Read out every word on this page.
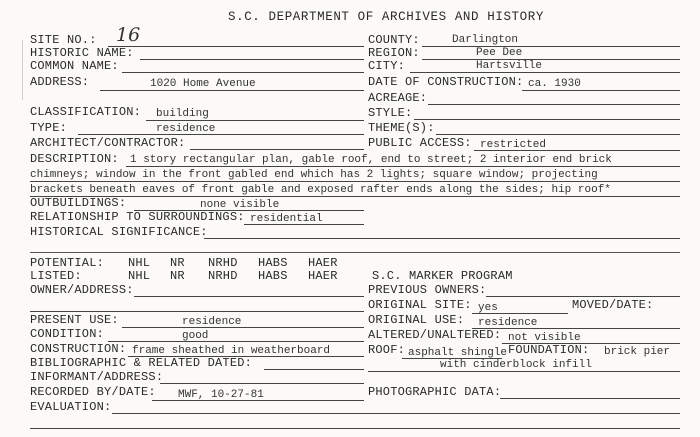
S.C. DEPARTMENT OF ARCHIVES AND HISTORY
SITE NO.: 16	COUNTY:	Darlington
HISTORIC NAME:	REGION:	Pee Dee
COMMON NAME:	CITY:	Hartsville
ADDRESS:	1020 Home Avenue	DATE OF CONSTRUCTION: ca. 1930
ACREAGE:
CLASSIFICATION: building	STYLE:
TYPE:	residence	THEME(S):
ARCHITECT/CONTRACTOR:	PUBLIC ACCESS: restricted
DESCRIPTION: 1 story rectangular plan, gable roof, end to street; 2 interior end brick
chimneys; window in the front gabled end which has 2 lights; square window; projecting
brackets beneath eaves of front gable and exposed rafter ends along the sides; hip roof*
OUTBUILDINGS:	none visible
RELATIONSHIP TO SURROUNDINGS: residential
HISTORICAL SIGNIFICANCE:
POTENTIAL: NHL NR NRHD HABS HAER
LISTED:	NHL NR NRHD HABS HAER	S.C. MARKER PROGRAM
OWNER/ADDRESS:	PREVIOUS OWNERS:
ORIGINAL SITE: yes	MOVED/DATE:
PRESENT USE:	residence	ORIGINAL USE: residence
CONDITION:	good	ALTERED/UNALTERED: not visible
CONSTRUCTION: frame sheathed in weatherboard	ROOF: asphalt shingle FOUNDATION: brick pier
BIBLIOGRAPHIC & RELATED DATED:	with cinderblock infill
INFORMANT/ADDRESS:
RECORDED BY/DATE: MWF, 10-27-81	PHOTOGRAPHIC DATA:
EVALUATION:
